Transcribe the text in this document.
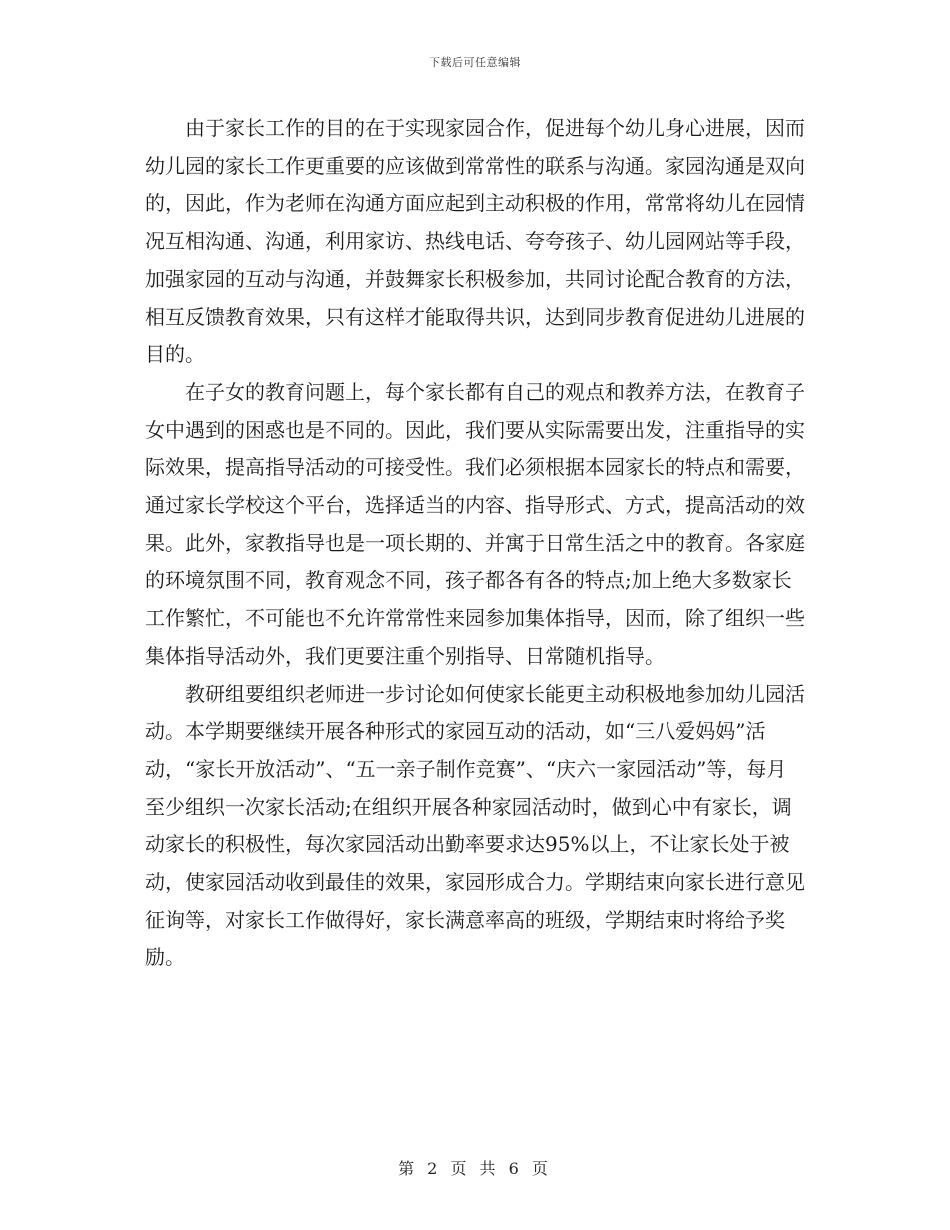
下载后可任意编辑

由于家长工作的目的在于实现家园合作，促进每个幼儿身心进展，因而幼儿园的家长工作更重要的应该做到常常性的联系与沟通。家园沟通是双向的，因此，作为老师在沟通方面应起到主动积极的作用，常常将幼儿在园情况互相沟通、沟通，利用家访、热线电话、夸夸孩子、幼儿园网站等手段，加强家园的互动与沟通，并鼓舞家长积极参加，共同讨论配合教育的方法，相互反馈教育效果，只有这样才能取得共识，达到同步教育促进幼儿进展的目的。

在子女的教育问题上，每个家长都有自己的观点和教养方法，在教育子女中遇到的困惑也是不同的。因此，我们要从实际需要出发，注重指导的实际效果，提高指导活动的可接受性。我们必须根据本园家长的特点和需要，通过家长学校这个平台，选择适当的内容、指导形式、方式，提高活动的效果。此外，家教指导也是一项长期的、并寓于日常生活之中的教育。各家庭的环境氛围不同，教育观念不同，孩子都各有各的特点;加上绝大多数家长工作繁忙，不可能也不允许常常性来园参加集体指导，因而，除了组织一些集体指导活动外，我们更要注重个别指导、日常随机指导。

教研组要组织老师进一步讨论如何使家长能更主动积极地参加幼儿园活动。本学期要继续开展各种形式的家园互动的活动，如“三八爱妈妈”活动，“家长开放活动”、“五一亲子制作竞赛”、“庆六一家园活动”等，每月至少组织一次家长活动;在组织开展各种家园活动时，做到心中有家长，调动家长的积极性，每次家园活动出勤率要求达95%以上，不让家长处于被动，使家园活动收到最佳的效果，家园形成合力。学期结束向家长进行意见征询等，对家长工作做得好，家长满意率高的班级，学期结束时将给予奖励。

第 2 页 共 6 页
